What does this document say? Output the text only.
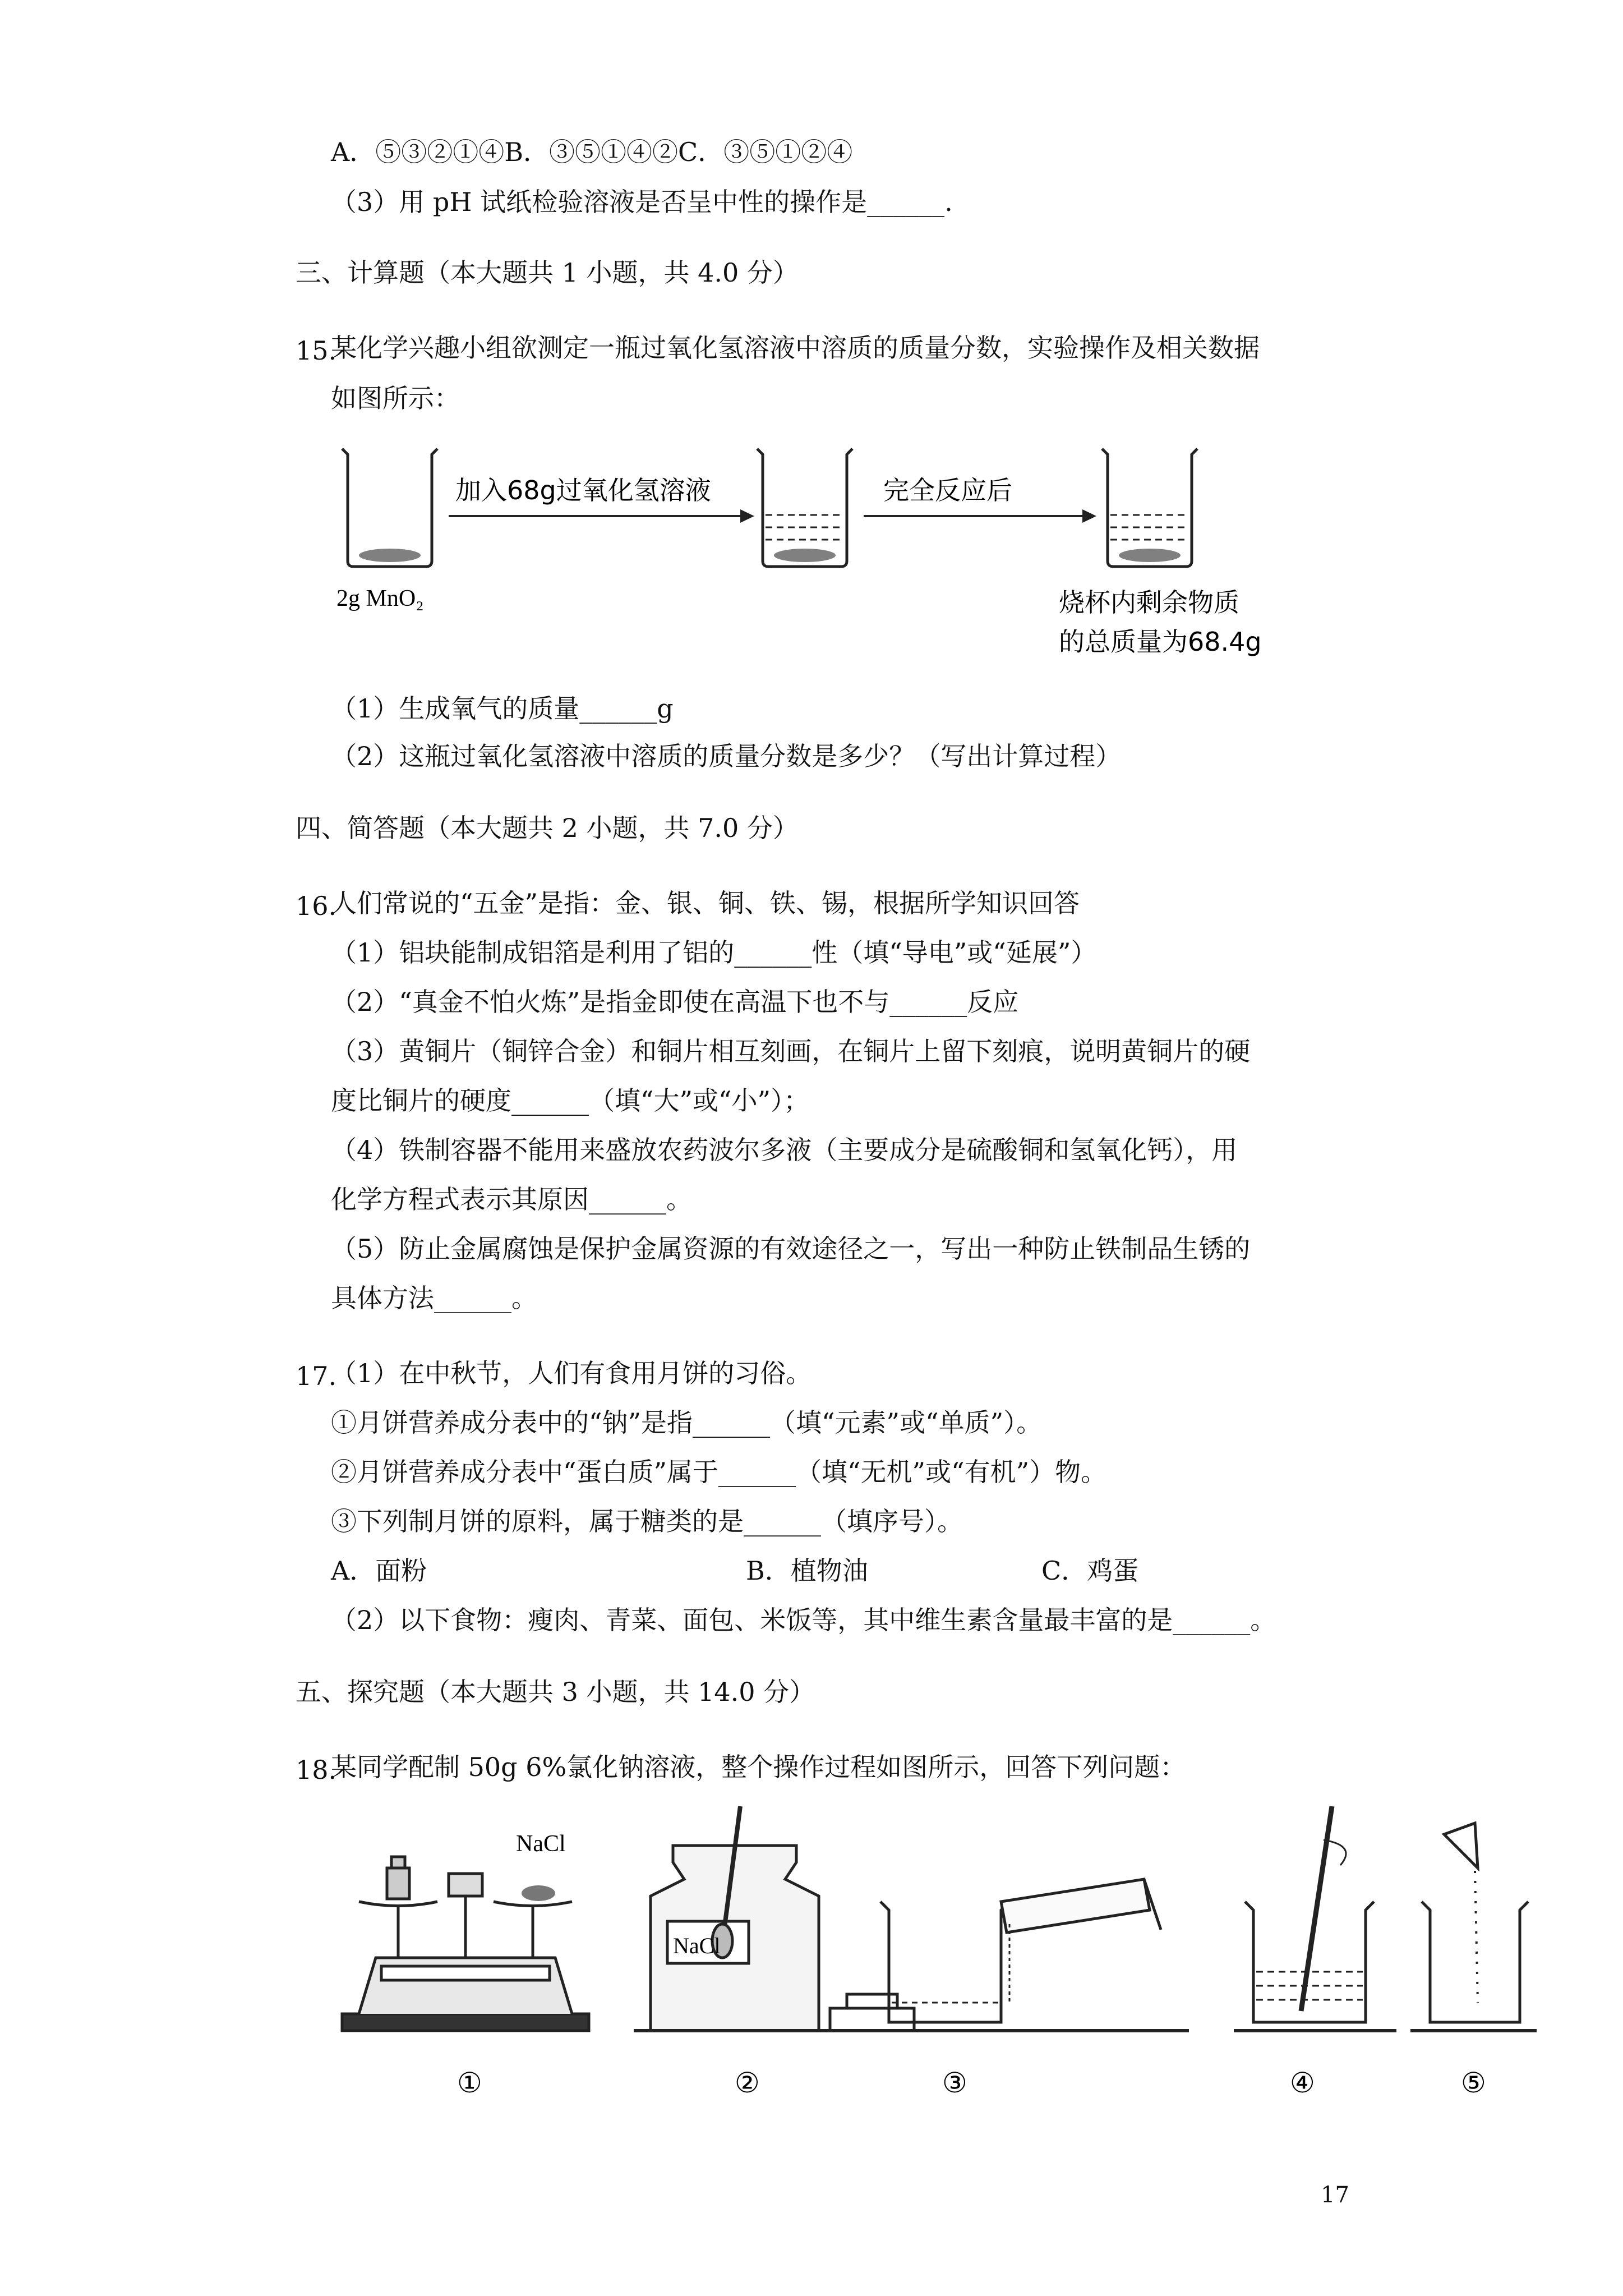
A．⑤③②①④B．③⑤①④②C．③⑤①②④
（3）用 pH 试纸检验溶液是否呈中性的操作是______.
三、计算题（本大题共 1 小题，共 4.0 分）
15.
某化学兴趣小组欲测定一瓶过氧化氢溶液中溶质的质量分数，实验操作及相关数据
如图所示：
2g MnO₂
加入68g过氧化氢溶液	完全反应后
烧杯内剩余物质
的总质量为68.4g
（1）生成氧气的质量______g
（2）这瓶过氧化氢溶液中溶质的质量分数是多少？（写出计算过程）
四、简答题（本大题共 2 小题，共 7.0 分）
16.
人们常说的“五金”是指：金、银、铜、铁、锡，根据所学知识回答
（1）铝块能制成铝箔是利用了铝的______性（填“导电”或“延展”）
（2）“真金不怕火炼”是指金即使在高温下也不与______反应
（3）黄铜片（铜锌合金）和铜片相互刻画，在铜片上留下刻痕，说明黄铜片的硬
度比铜片的硬度______（填“大”或“小”）；
（4）铁制容器不能用来盛放农药波尔多液（主要成分是硫酸铜和氢氧化钙），用
化学方程式表示其原因______。
（5）防止金属腐蚀是保护金属资源的有效途径之一，写出一种防止铁制品生锈的
具体方法______。
17.
（1）在中秋节，人们有食用月饼的习俗。
①月饼营养成分表中的“钠”是指______（填“元素”或“单质”）。
②月饼营养成分表中“蛋白质”属于______（填“无机”或“有机”）物。
③下列制月饼的原料，属于糖类的是______（填序号）。
A．面粉	B．植物油	C．鸡蛋
（2）以下食物：瘦肉、青菜、面包、米饭等，其中维生素含量最丰富的是______。
五、探究题（本大题共 3 小题，共 14.0 分）
18.
某同学配制 50g 6%氯化钠溶液，整个操作过程如图所示，回答下列问题：
NaCl
NaCl
①	②	③	④	⑤
17
